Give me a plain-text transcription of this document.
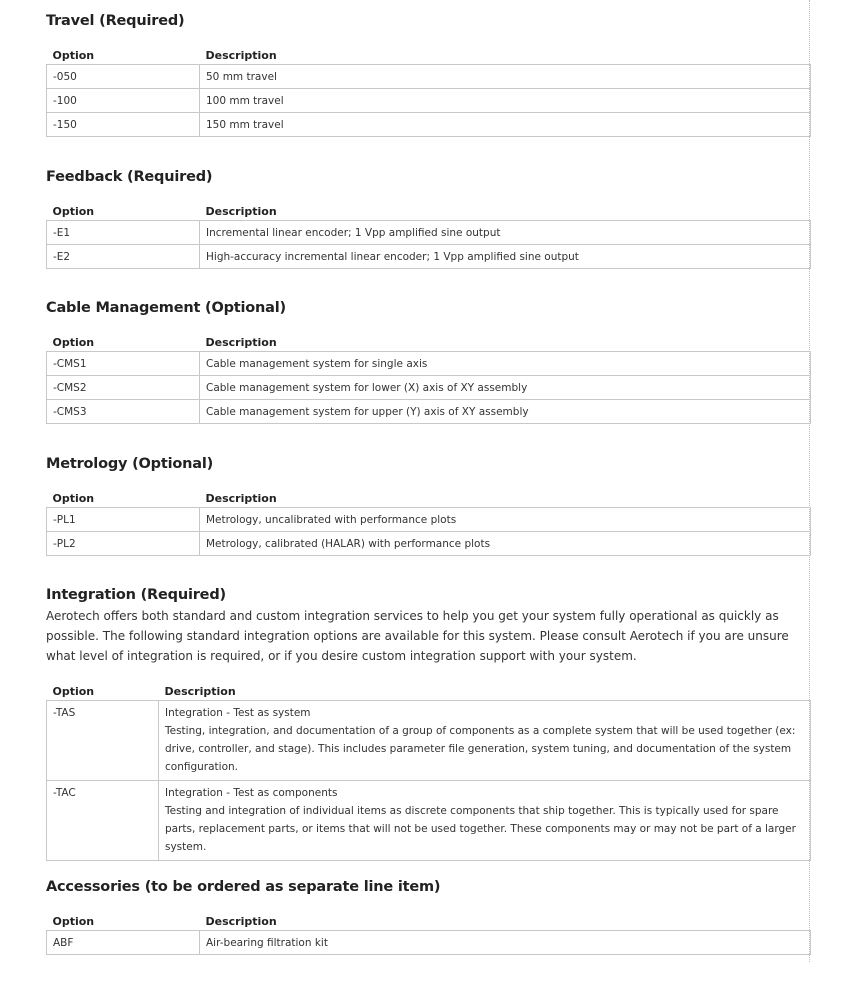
Travel (Required)
Option	Description
-050	50 mm travel
-100	100 mm travel
-150	150 mm travel
Feedback (Required)
Option	Description
-E1	Incremental linear encoder; 1 Vpp amplified sine output
-E2	High-accuracy incremental linear encoder; 1 Vpp amplified sine output
Cable Management (Optional)
Option	Description
-CMS1	Cable management system for single axis
-CMS2	Cable management system for lower (X) axis of XY assembly
-CMS3	Cable management system for upper (Y) axis of XY assembly
Metrology (Optional)
Option	Description
-PL1	Metrology, uncalibrated with performance plots
-PL2	Metrology, calibrated (HALAR) with performance plots
Integration (Required)

Aerotech offers both standard and custom integration services to help you get your system fully operational as quickly as possible. The following standard integration options are available for this system. Please consult Aerotech if you are unsure what level of integration is required, or if you desire custom integration support with your system.

Option	Description
-TAS	Integration - Test as system
Testing, integration, and documentation of a group of components as a complete system that will be used together (ex: drive, controller, and stage). This includes parameter file generation, system tuning, and documentation of the system configuration.

-TAC	Integration - Test as components
Testing and integration of individual items as discrete components that ship together. This is typically used for spare parts, replacement parts, or items that will not be used together. These components may or may not be part of a larger system.
Accessories (to be ordered as separate line item)
Option	Description
ABF	Air-bearing filtration kit
